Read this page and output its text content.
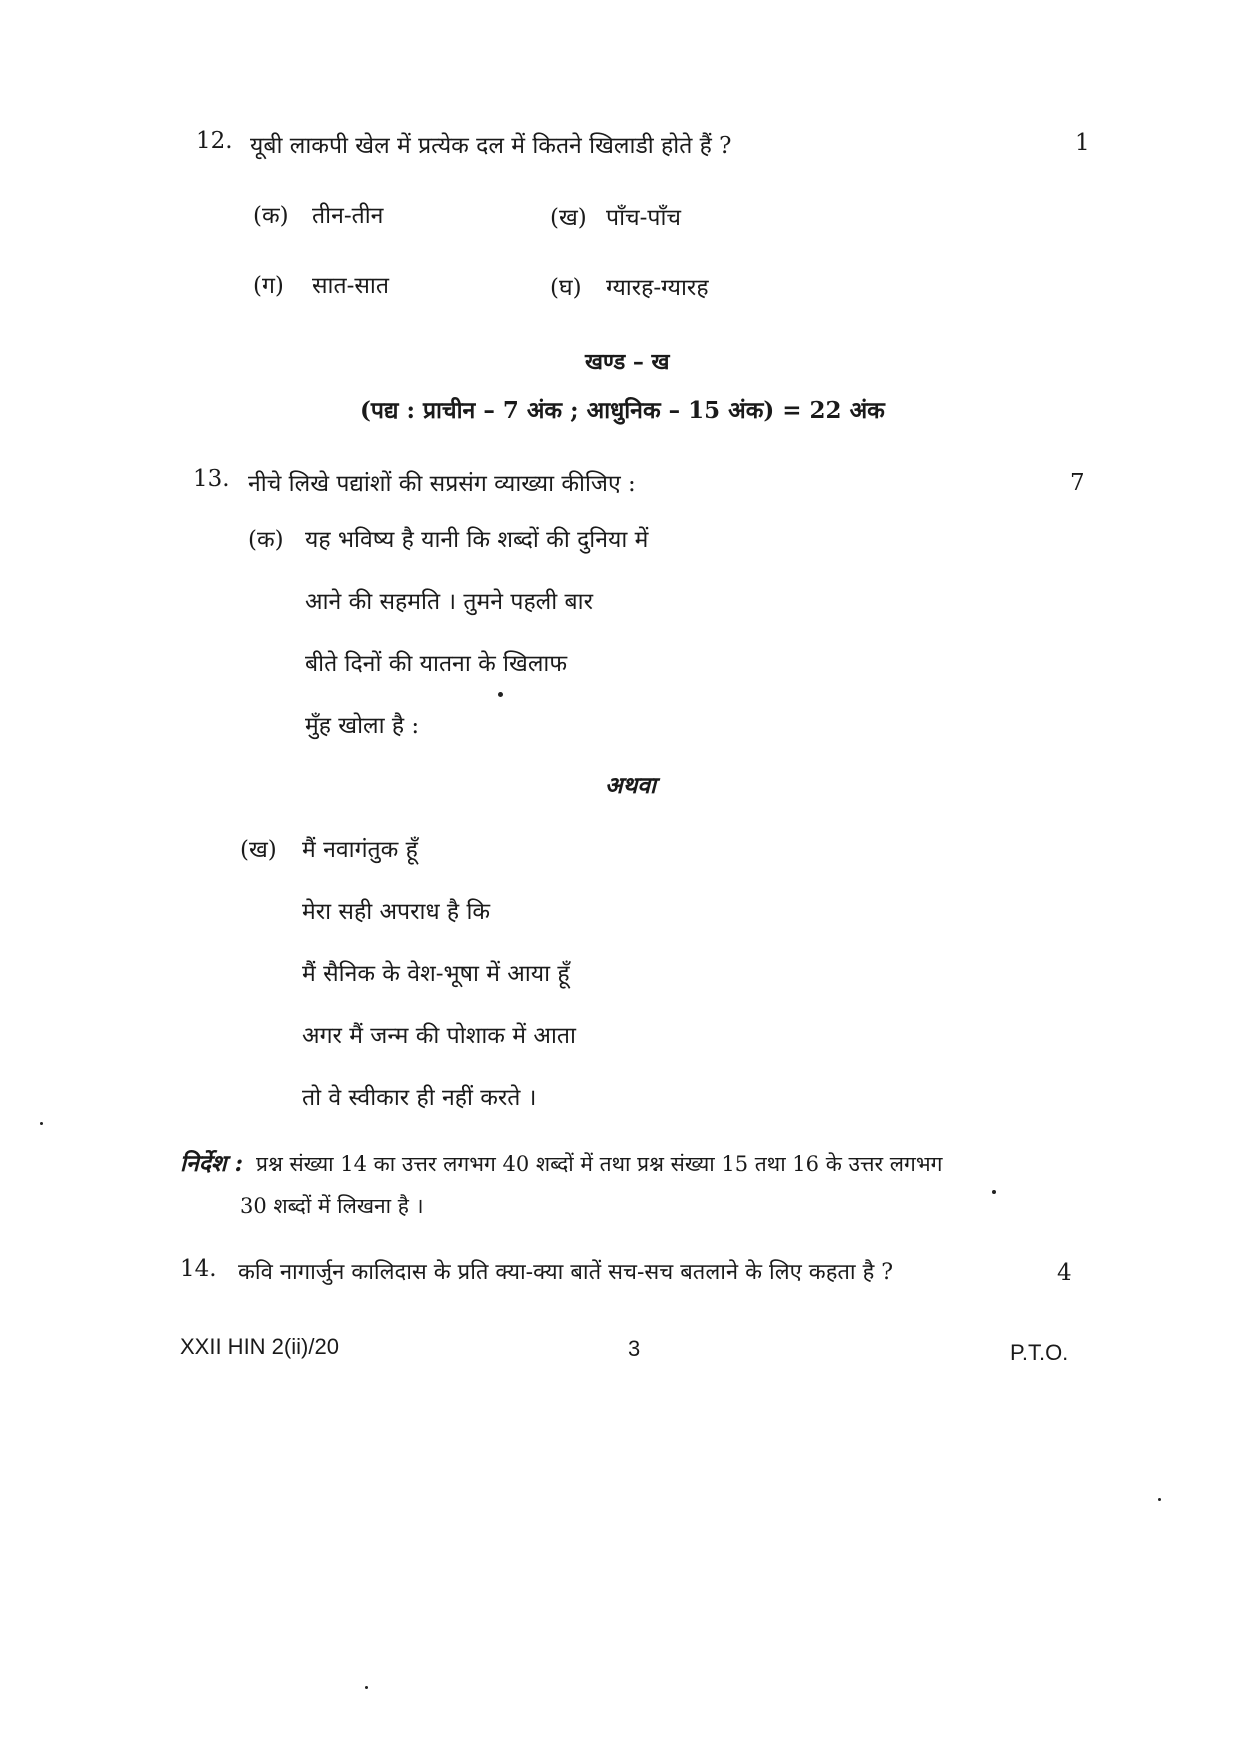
12. यूबी लाकपी खेल में प्रत्येक दल में कितने खिलाडी होते हैं ?	1
(क) तीन-तीन	(ख) पाँच-पाँच
(ग) सात-सात	(घ) ग्यारह-ग्यारह
खण्ड – ख
(पद्य : प्राचीन – 7 अंक ; आधुनिक – 15 अंक) = 22 अंक
13. नीचे लिखे पद्यांशों की सप्रसंग व्याख्या कीजिए :	7
(क) यह भविष्य है यानी कि शब्दों की दुनिया में
आने की सहमति । तुमने पहली बार
बीते दिनों की यातना के खिलाफ
मुँह खोला है :
अथवा
(ख) मैं नवागंतुक हूँ
मेरा सही अपराध है कि
मैं सैनिक के वेश-भूषा में आया हूँ
अगर मैं जन्म की पोशाक में आता
तो वे स्वीकार ही नहीं करते ।
निर्देश : प्रश्न संख्या 14 का उत्तर लगभग 40 शब्दों में तथा प्रश्न संख्या 15 तथा 16 के उत्तर लगभग
30 शब्दों में लिखना है ।
14. कवि नागार्जुन कालिदास के प्रति क्या-क्या बातें सच-सच बतलाने के लिए कहता है ?	4
XXII HIN 2(ii)/20	3	P.T.O.
